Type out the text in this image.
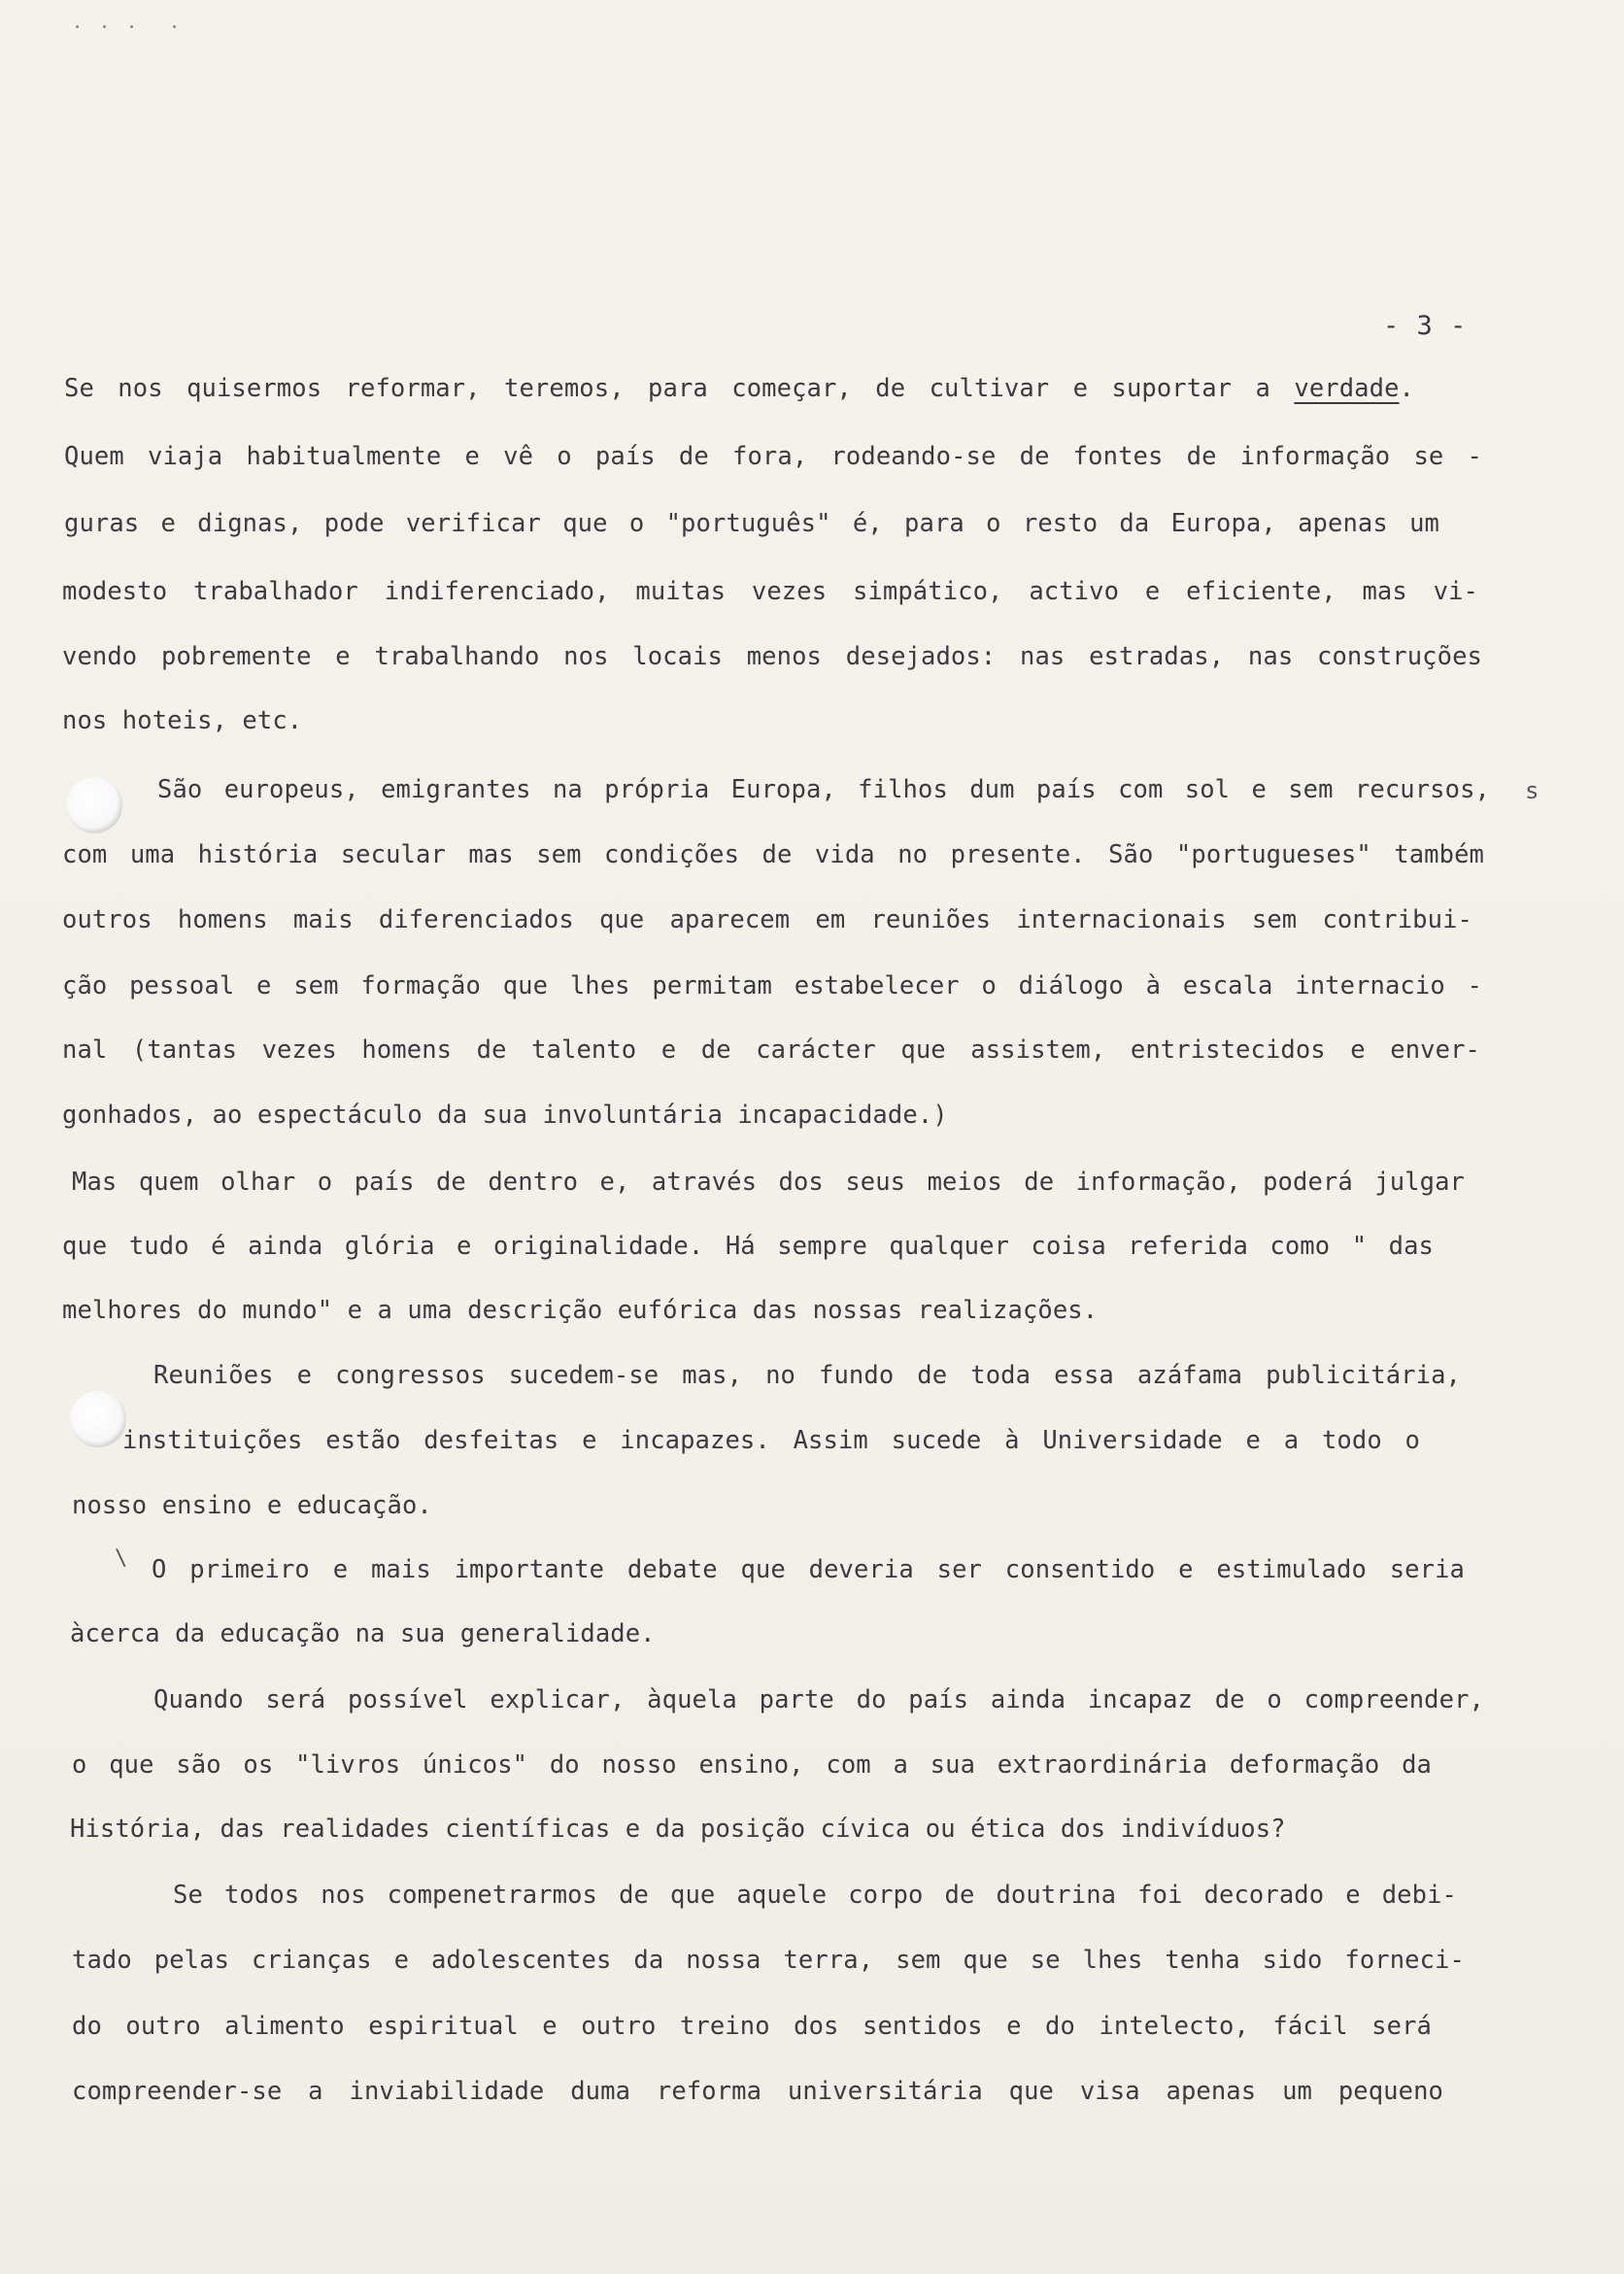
- 3 -
s
\
Se nos quisermos reformar, teremos, para começar, de cultivar e suportar a verdade.
Quem viaja habitualmente e vê o país de fora, rodeando-se de fontes de informação se -
guras e dignas, pode verificar que o "português" é, para o resto da Europa, apenas um
modesto trabalhador indiferenciado, muitas vezes simpático, activo e eficiente, mas vi-
vendo pobremente e trabalhando nos locais menos desejados: nas estradas, nas construções
nos hoteis, etc.
São europeus, emigrantes na própria Europa, filhos dum país com sol e sem recursos,
com uma história secular mas sem condições de vida no presente. São "portugueses" também
outros homens mais diferenciados que aparecem em reuniões internacionais sem contribui-
ção pessoal e sem formação que lhes permitam estabelecer o diálogo à escala internacio -
nal (tantas vezes homens de talento e de carácter que assistem, entristecidos e enver-
gonhados, ao espectáculo da sua involuntária incapacidade.)
Mas quem olhar o país de dentro e, através dos seus meios de informação, poderá julgar
que tudo é ainda glória e originalidade. Há sempre qualquer coisa referida como " das
melhores do mundo" e a uma descrição eufórica das nossas realizações.
Reuniões e congressos sucedem-se mas, no fundo de toda essa azáfama publicitária,
instituições estão desfeitas e incapazes. Assim sucede à Universidade e a todo o
nosso ensino e educação.
O primeiro e mais importante debate que deveria ser consentido e estimulado seria
àcerca da educação na sua generalidade.
Quando será possível explicar, àquela parte do país ainda incapaz de o compreender,
o que são os "livros únicos" do nosso ensino, com a sua extraordinária deformação da
História, das realidades científicas e da posição cívica ou ética dos indivíduos?
Se todos nos compenetrarmos de que aquele corpo de doutrina foi decorado e debi-
tado pelas crianças e adolescentes da nossa terra, sem que se lhes tenha sido forneci-
do outro alimento espiritual e outro treino dos sentidos e do intelecto, fácil será
compreender-se a inviabilidade duma reforma universitária que visa apenas um pequeno
